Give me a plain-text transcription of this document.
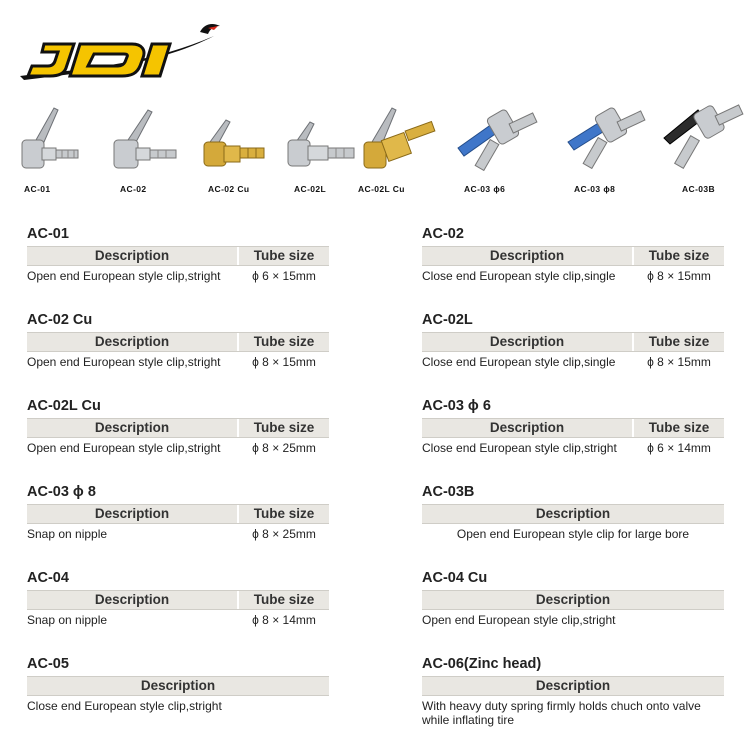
AC-01	AC-02	AC-02 Cu	AC-02L	AC-02L Cu	AC-03 ϕ6	AC-03 ϕ8	AC-03B
AC-01
Description	Tube size
Open end European style clip,stright	ϕ 6 × 15mm
AC-02
Description	Tube size
Close end European style clip,single	ϕ 8 × 15mm
AC-02 Cu
Description	Tube size
Open end European style clip,stright	ϕ 8 × 15mm
AC-02L
Description	Tube size
Close end European style clip,single	ϕ 8 × 15mm
AC-02L Cu
Description	Tube size
Open end European style clip,stright	ϕ 8 × 25mm
AC-03 ϕ 6
Description	Tube size
Close end European style clip,stright	ϕ 6 × 14mm
AC-03 ϕ 8
Description	Tube size
Snap on nipple	ϕ 8 × 25mm
AC-03B
Description
Open end European style clip for large bore
AC-04
Description	Tube size
Snap on nipple	ϕ 8 × 14mm
AC-04 Cu
Description
Open end European style clip,stright
AC-05
Description
Close end European style clip,stright
AC-06(Zinc head)
Description
With heavy duty spring firmly holds chuch onto valve while inflating tire
